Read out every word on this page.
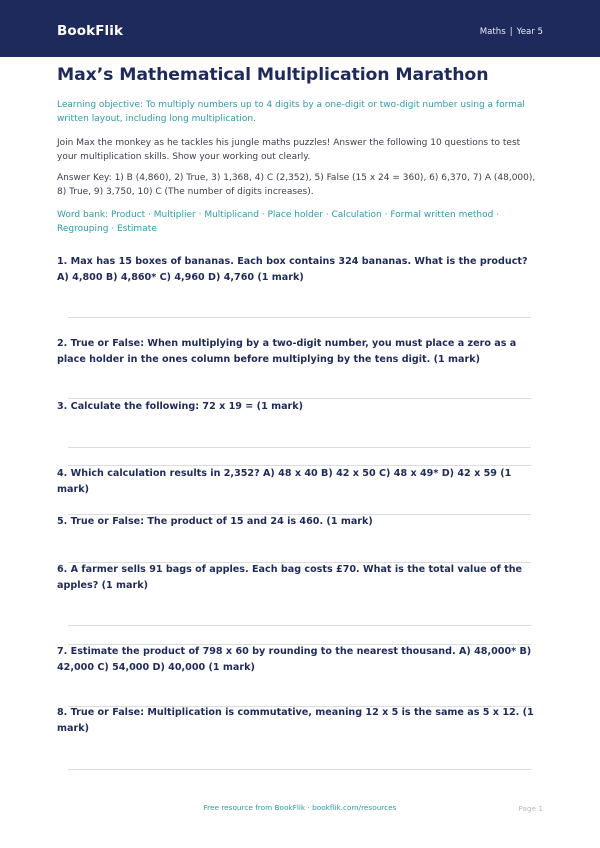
BookFlik	Maths | Year 5
Max’s Mathematical Multiplication Marathon

Learning objective: To multiply numbers up to 4 digits by a one-digit or two-digit number using a formal written layout, including long multiplication.

Join Max the monkey as he tackles his jungle maths puzzles! Answer the following 10 questions to test your multiplication skills. Show your working out clearly.

Answer Key: 1) B (4,860), 2) True, 3) 1,368, 4) C (2,352), 5) False (15 x 24 = 360), 6) 6,370, 7) A (48,000), 8) True, 9) 3,750, 10) C (The number of digits increases).

Word bank: Product · Multiplier · Multiplicand · Place holder · Calculation · Formal written method · Regrouping · Estimate

1. Max has 15 boxes of bananas. Each box contains 324 bananas. What is the product? A) 4,800 B) 4,860* C) 4,960 D) 4,760 (1 mark)

2. True or False: When multiplying by a two-digit number, you must place a zero as a place holder in the ones column before multiplying by the tens digit. (1 mark)

3. Calculate the following: 72 x 19 = (1 mark)

4. Which calculation results in 2,352? A) 48 x 40 B) 42 x 50 C) 48 x 49* D) 42 x 59 (1 mark)

5. True or False: The product of 15 and 24 is 460. (1 mark)

6. A farmer sells 91 bags of apples. Each bag costs £70. What is the total value of the apples? (1 mark)

7. Estimate the product of 798 x 60 by rounding to the nearest thousand. A) 48,000* B) 42,000 C) 54,000 D) 40,000 (1 mark)

8. True or False: Multiplication is commutative, meaning 12 x 5 is the same as 5 x 12. (1 mark)

Free resource from BookFlik · bookflik.com/resources	Page 1
